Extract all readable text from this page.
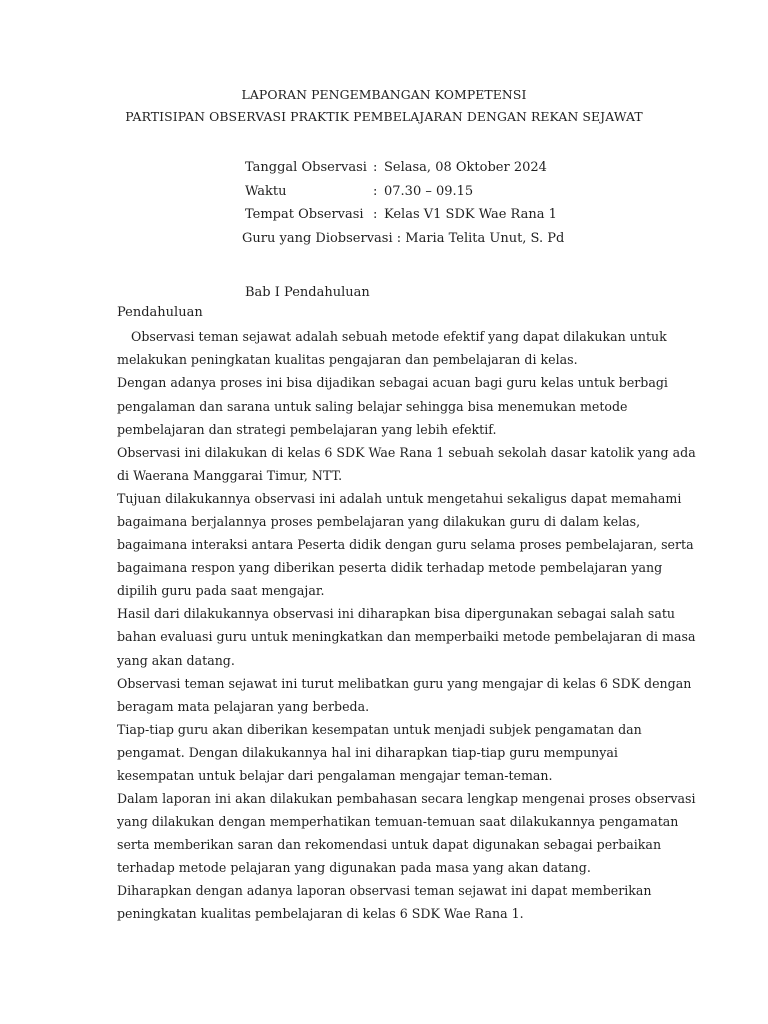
LAPORAN PENGEMBANGAN KOMPETENSI
PARTISIPAN OBSERVASI PRAKTIK PEMBELAJARAN DENGAN REKAN SEJAWAT
Tanggal Observasi : Selasa, 08 Oktober 2024
Waktu	: 07.30 – 09.15
Tempat Observasi : Kelas V1 SDK Wae Rana 1
Guru yang Diobservasi : Maria Telita Unut, S. Pd
Bab I Pendahuluan
Pendahuluan
Observasi teman sejawat adalah sebuah metode efektif yang dapat dilakukan untuk
melakukan peningkatan kualitas pengajaran dan pembelajaran di kelas.
Dengan adanya proses ini bisa dijadikan sebagai acuan bagi guru kelas untuk berbagi
pengalaman dan sarana untuk saling belajar sehingga bisa menemukan metode
pembelajaran dan strategi pembelajaran yang lebih efektif.
Observasi ini dilakukan di kelas 6 SDK Wae Rana 1 sebuah sekolah dasar katolik yang ada
di Waerana Manggarai Timur, NTT.
Tujuan dilakukannya observasi ini adalah untuk mengetahui sekaligus dapat memahami
bagaimana berjalannya proses pembelajaran yang dilakukan guru di dalam kelas,
bagaimana interaksi antara Peserta didik dengan guru selama proses pembelajaran, serta
bagaimana respon yang diberikan peserta didik terhadap metode pembelajaran yang
dipilih guru pada saat mengajar.
Hasil dari dilakukannya observasi ini diharapkan bisa dipergunakan sebagai salah satu
bahan evaluasi guru untuk meningkatkan dan memperbaiki metode pembelajaran di masa
yang akan datang.
Observasi teman sejawat ini turut melibatkan guru yang mengajar di kelas 6 SDK dengan
beragam mata pelajaran yang berbeda.
Tiap-tiap guru akan diberikan kesempatan untuk menjadi subjek pengamatan dan
pengamat. Dengan dilakukannya hal ini diharapkan tiap-tiap guru mempunyai
kesempatan untuk belajar dari pengalaman mengajar teman-teman.
Dalam laporan ini akan dilakukan pembahasan secara lengkap mengenai proses observasi
yang dilakukan dengan memperhatikan temuan-temuan saat dilakukannya pengamatan
serta memberikan saran dan rekomendasi untuk dapat digunakan sebagai perbaikan
terhadap metode pelajaran yang digunakan pada masa yang akan datang.
Diharapkan dengan adanya laporan observasi teman sejawat ini dapat memberikan
peningkatan kualitas pembelajaran di kelas 6 SDK Wae Rana 1.
